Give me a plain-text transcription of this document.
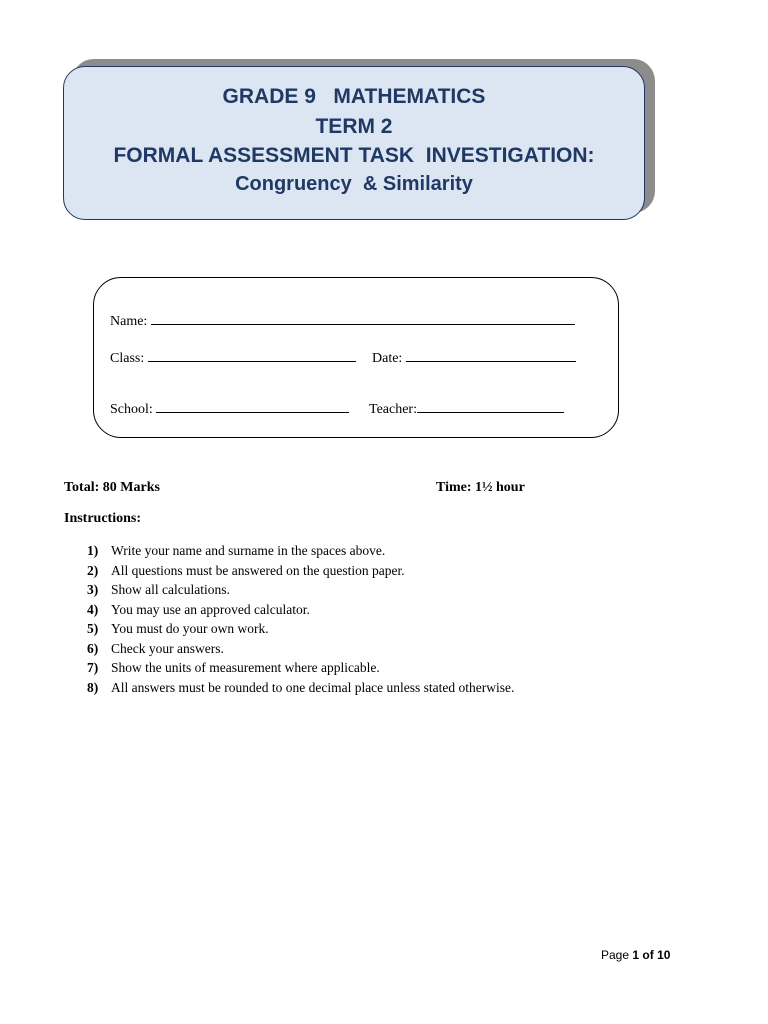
GRADE 9   MATHEMATICS
TERM 2
FORMAL ASSESSMENT TASK  INVESTIGATION:
Congruency  & Similarity
Name:
Class:	Date:
School:	Teacher:
Total: 80 Marks	Time: 1½ hour
Instructions:
1) Write your name and surname in the spaces above.
2) All questions must be answered on the question paper.
3) Show all calculations.
4) You may use an approved calculator.
5) You must do your own work.
6) Check your answers.
7) Show the units of measurement where applicable.
8) All answers must be rounded to one decimal place unless stated otherwise.
Page 1 of 10
